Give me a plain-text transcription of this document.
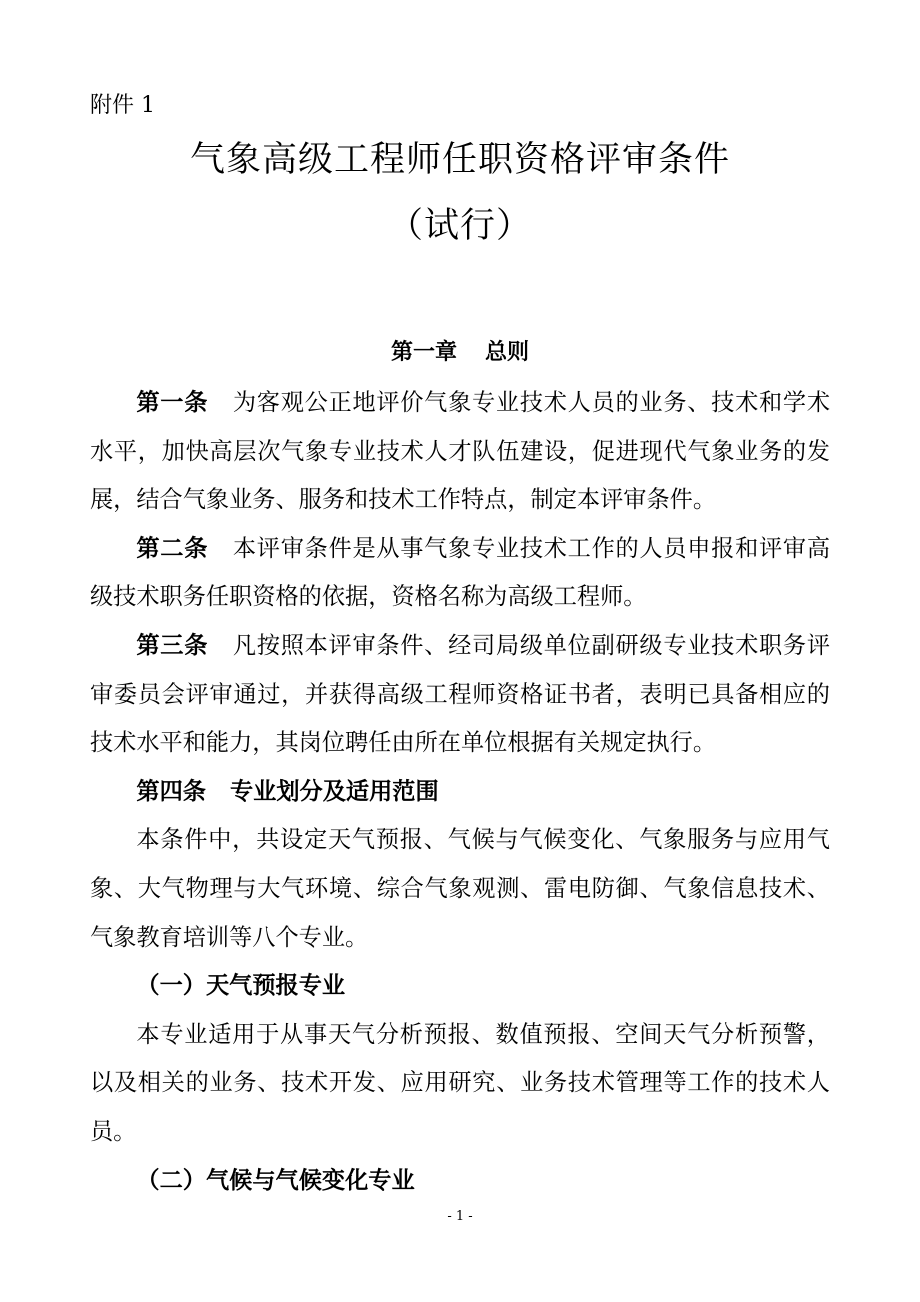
附件 1
气象高级工程师任职资格评审条件
（试行）
第一章 总则

第一条 为客观公正地评价气象专业技术人员的业务、技术和学术水平，加快高层次气象专业技术人才队伍建设，促进现代气象业务的发展，结合气象业务、服务和技术工作特点，制定本评审条件。

第二条 本评审条件是从事气象专业技术工作的人员申报和评审高级技术职务任职资格的依据，资格名称为高级工程师。

第三条 凡按照本评审条件、经司局级单位副研级专业技术职务评审委员会评审通过，并获得高级工程师资格证书者，表明已具备相应的技术水平和能力，其岗位聘任由所在单位根据有关规定执行。

第四条 专业划分及适用范围

本条件中，共设定天气预报、气候与气候变化、气象服务与应用气象、大气物理与大气环境、综合气象观测、雷电防御、气象信息技术、气象教育培训等八个专业。

（一）天气预报专业

本专业适用于从事天气分析预报、数值预报、空间天气分析预警，以及相关的业务、技术开发、应用研究、业务技术管理等工作的技术人员。

（二）气候与气候变化专业

- 1 -
